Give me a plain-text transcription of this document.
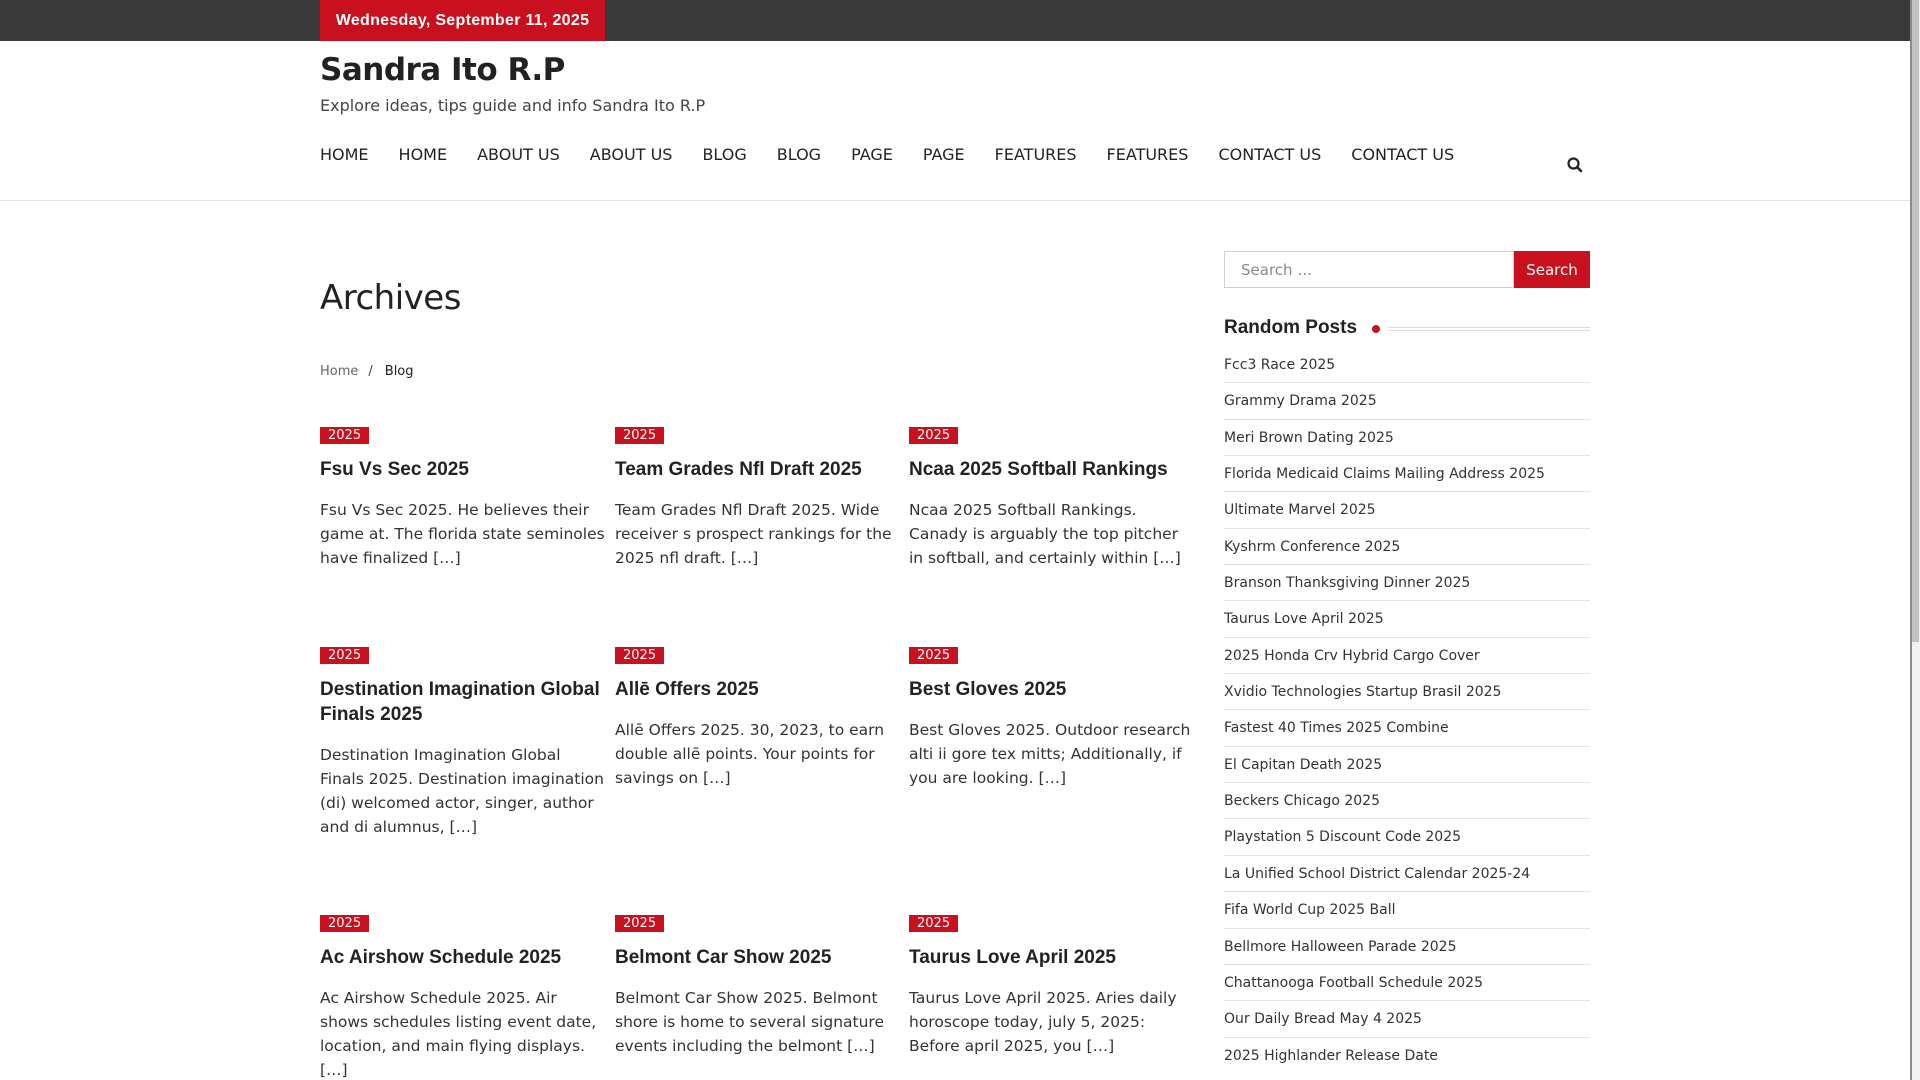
Wednesday, September 11, 2025
Sandra Ito R.P
Explore ideas, tips guide and info Sandra Ito R.P
HOME HOME ABOUT US ABOUT US BLOG BLOG PAGE PAGE FEATURES FEATURES CONTACT US CONTACT US
Archives
Home / Blog
2025
Fsu Vs Sec 2025

Fsu Vs Sec 2025. He believes their game at. The florida state seminoles have finalized […]

2025
Team Grades Nfl Draft 2025

Team Grades Nfl Draft 2025. Wide receiver s prospect rankings for the 2025 nfl draft. […]

2025
Ncaa 2025 Softball Rankings

Ncaa 2025 Softball Rankings. Canady is arguably the top pitcher in softball, and certainly within […]

2025
Destination Imagination Global Finals 2025

Destination Imagination Global Finals 2025. Destination imagination (di) welcomed actor, singer, author and di alumnus, […]

2025
Allē Offers 2025

Allē Offers 2025. 30, 2023, to earn double allē points. Your points for savings on […]

2025
Best Gloves 2025

Best Gloves 2025. Outdoor research alti ii gore tex mitts; Additionally, if you are looking. […]

2025
Ac Airshow Schedule 2025

Ac Airshow Schedule 2025. Air shows schedules listing event date, location, and main flying displays. […]

2025
Belmont Car Show 2025

Belmont Car Show 2025. Belmont shore is home to several signature events including the belmont […]

2025
Taurus Love April 2025

Taurus Love April 2025. Aries daily horoscope today, july 5, 2025: Before april 2025, you […]

Search …
Search
Random Posts
Fcc3 Race 2025
Grammy Drama 2025
Meri Brown Dating 2025
Florida Medicaid Claims Mailing Address 2025
Ultimate Marvel 2025
Kyshrm Conference 2025
Branson Thanksgiving Dinner 2025
Taurus Love April 2025
2025 Honda Crv Hybrid Cargo Cover
Xvidio Technologies Startup Brasil 2025
Fastest 40 Times 2025 Combine
El Capitan Death 2025
Beckers Chicago 2025
Playstation 5 Discount Code 2025
La Unified School District Calendar 2025-24
Fifa World Cup 2025 Ball
Bellmore Halloween Parade 2025
Chattanooga Football Schedule 2025
Our Daily Bread May 4 2025
2025 Highlander Release Date
